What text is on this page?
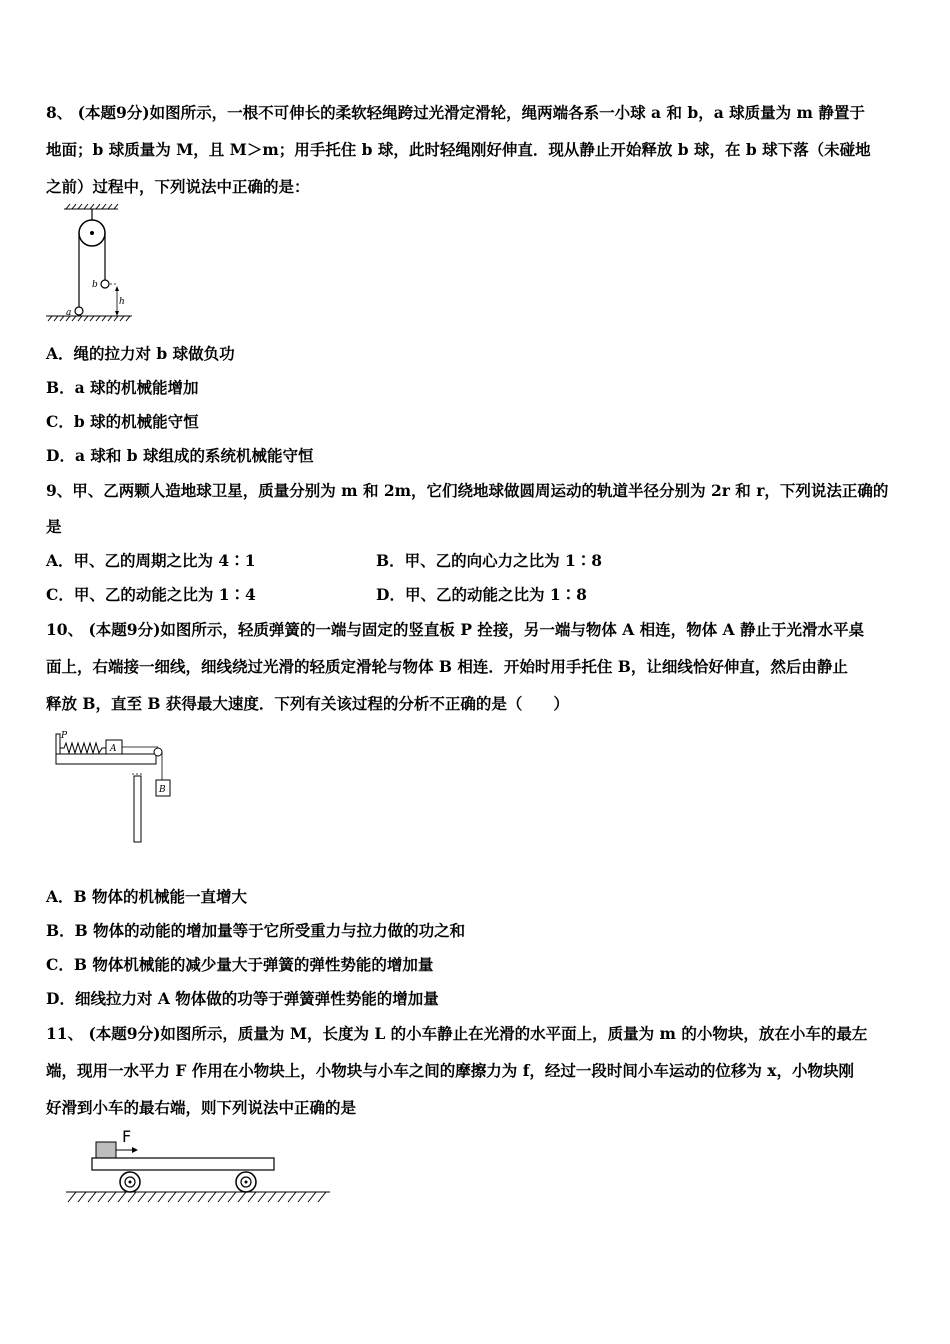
8、 (本题9分)如图所示，一根不可伸长的柔软轻绳跨过光滑定滑轮，绳两端各系一小球 a 和 b，a 球质量为 m 静置于
地面；b 球质量为 M，且 M＞m；用手托住 b 球，此时轻绳刚好伸直．现从静止开始释放 b 球，在 b 球下落（未碰地
之前）过程中，下列说法中正确的是：
a
b
h
A．绳的拉力对 b 球做负功
B．a 球的机械能增加
C．b 球的机械能守恒
D．a 球和 b 球组成的系统机械能守恒
9、甲、乙两颗人造地球卫星，质量分别为 m 和 2m，它们绕地球做圆周运动的轨道半径分别为 2r 和 r，下列说法正确的
是
A．甲、乙的周期之比为 4∶1	B．甲、乙的向心力之比为 1∶8
C．甲、乙的动能之比为 1∶4	D．甲、乙的动能之比为 1∶8
10、 (本题9分)如图所示，轻质弹簧的一端与固定的竖直板 P 拴接，另一端与物体 A 相连，物体 A 静止于光滑水平桌
面上，右端接一细线，细线绕过光滑的轻质定滑轮与物体 B 相连．开始时用手托住 B，让细线恰好伸直，然后由静止
释放 B，直至 B 获得最大速度．下列有关该过程的分析不正确的是（　　）
P
A
B
A．B 物体的机械能一直增大
B．B 物体的动能的增加量等于它所受重力与拉力做的功之和
C．B 物体机械能的减少量大于弹簧的弹性势能的增加量
D．细线拉力对 A 物体做的功等于弹簧弹性势能的增加量
11、 (本题9分)如图所示，质量为 M，长度为 L 的小车静止在光滑的水平面上，质量为 m 的小物块，放在小车的最左
端，现用一水平力 F 作用在小物块上，小物块与小车之间的摩擦力为 f，经过一段时间小车运动的位移为 x，小物块刚
好滑到小车的最右端，则下列说法中正确的是
F
